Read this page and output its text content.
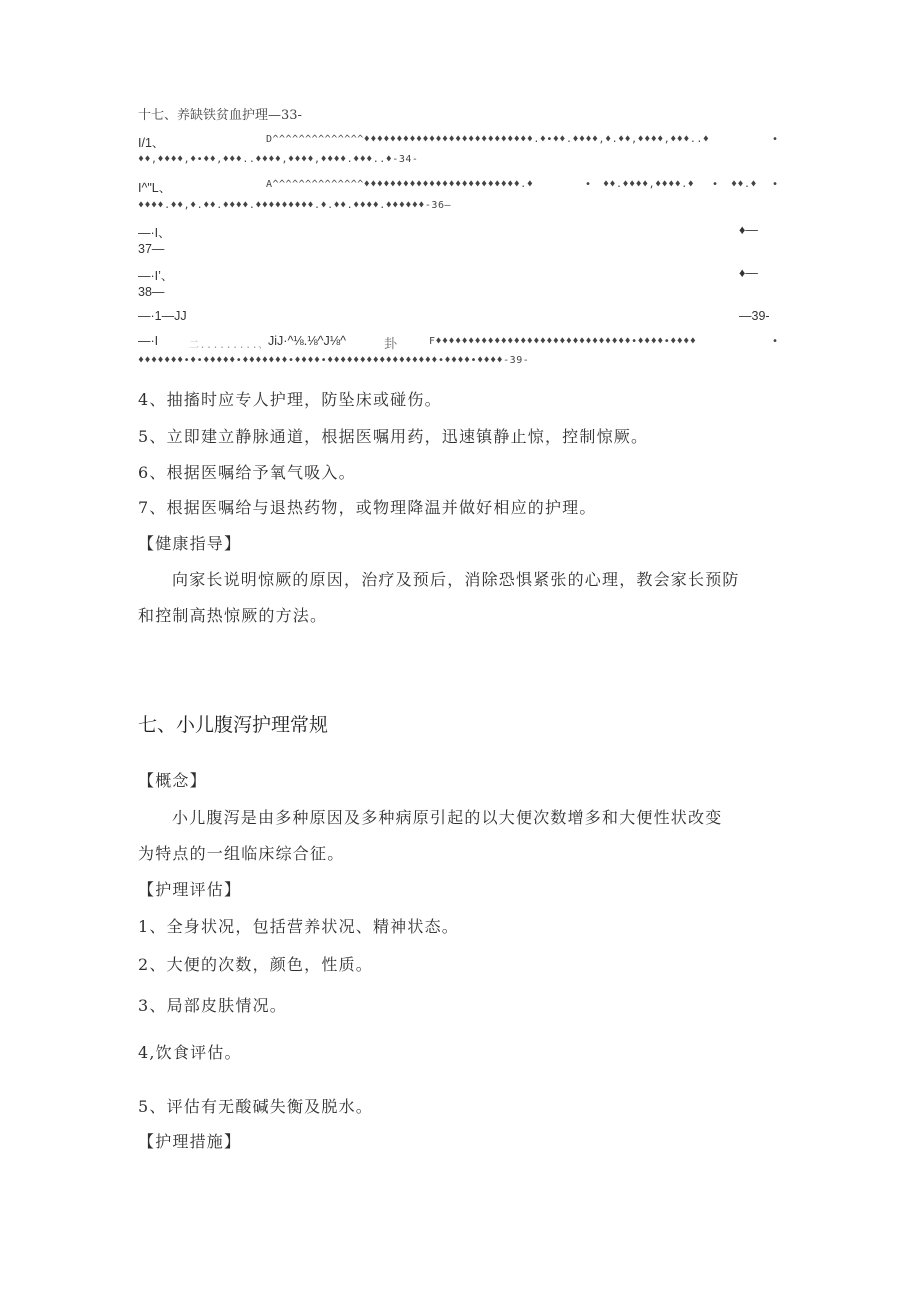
十七、养缺铁贫血护理—33-
I/1、	D^^^^^^^^^^^^^^♦♦♦♦♦♦♦♦♦♦♦♦♦♦♦♦♦♦♦♦♦♦♦♦♦♦.♦•♦♦.♦♦♦♦,♦.♦♦,♦♦♦♦,♦♦♦..♦	•
♦♦,♦♦♦♦,♦•♦♦,♦♦♦..♦♦♦♦,♦♦♦♦,♦♦♦♦.♦♦♦..♦-34-
I^"L、	A^^^^^^^^^^^^^^♦♦♦♦♦♦♦♦♦♦♦♦♦♦♦♦♦♦♦♦♦♦♦♦.♦	• ♦♦.♦♦♦♦,♦♦♦♦.♦ • ♦♦.♦ •
♦♦♦♦.♦♦,♦.♦♦.♦♦♦♦.♦♦♦♦♦♦♦♦♦.♦.♦♦.♦♦♦♦.♦♦♦♦♦♦-36—
—·I、	♦—
37—
—·I’、	♦—
38—
—·1—JJ	—39-
—·I	二.........、 JiJ·^⅛.⅛^J⅛^	卦	F♦♦♦♦♦♦♦♦♦♦♦♦♦♦♦♦♦♦♦♦♦♦♦♦♦♦♦♦♦♦•♦♦♦♦•♦♦♦♦	•
♦♦♦♦♦♦♦•♦•♦♦♦♦♦•♦♦♦♦♦♦♦•♦♦♦♦•♦♦♦♦♦♦♦♦♦♦♦♦♦♦♦♦♦•♦♦♦♦•♦♦♦♦-39-
4、抽搐时应专人护理，防坠床或碰伤。
5、立即建立静脉通道，根据医嘱用药，迅速镇静止惊，控制惊厥。
6、根据医嘱给予氧气吸入。
7、根据医嘱给与退热药物，或物理降温并做好相应的护理。
【健康指导】
向家长说明惊厥的原因，治疗及预后，消除恐惧紧张的心理，教会家长预防
和控制高热惊厥的方法。
七、小儿腹泻护理常规
【概念】
小儿腹泻是由多种原因及多种病原引起的以大便次数增多和大便性状改变
为特点的一组临床综合征。
【护理评估】
1、全身状况，包括营养状况、精神状态。
2、大便的次数，颜色，性质。
3、局部皮肤情况。
4,饮食评估。
5、评估有无酸碱失衡及脱水。
【护理措施】
